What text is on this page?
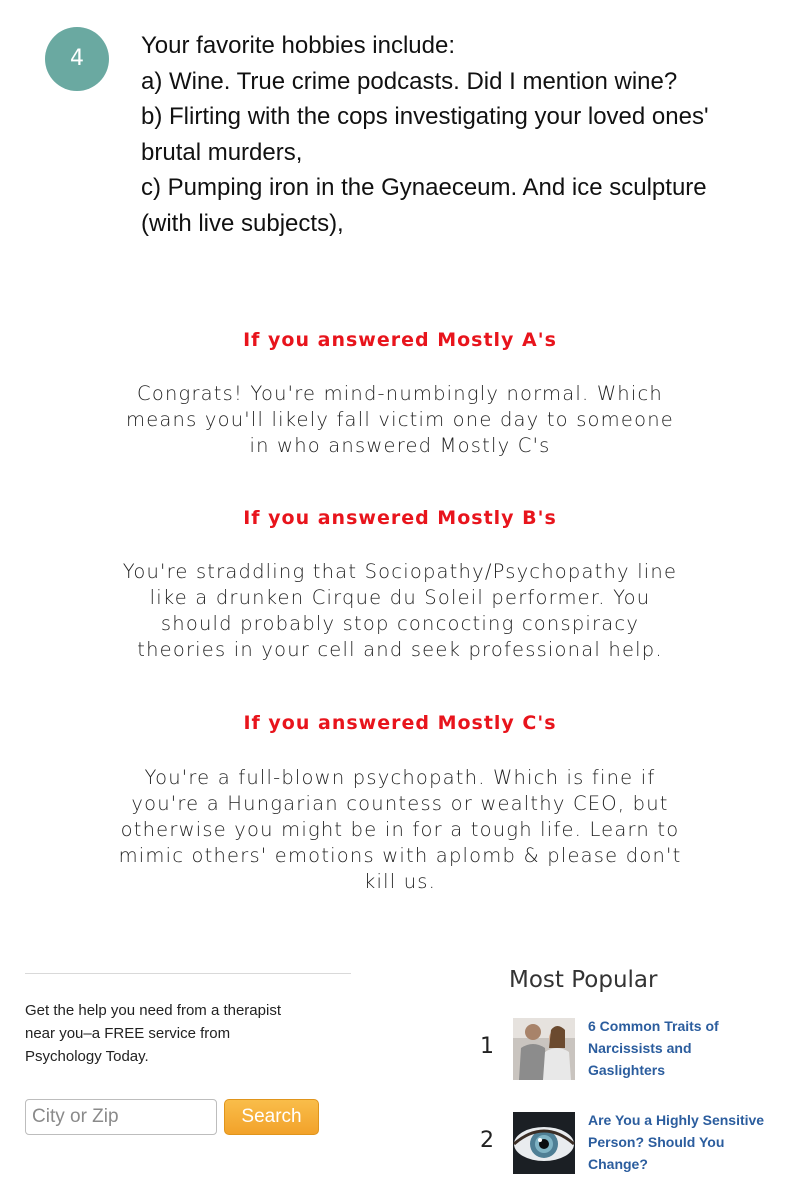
4	Your favorite hobbies include:
a) Wine. True crime podcasts. Did I mention wine?
b) Flirting with the cops investigating your loved ones'
brutal murders,
c) Pumping iron in the Gynaeceum. And ice sculpture
(with live subjects),
If you answered Mostly A's
Congrats! You're mind-numbingly normal. Which
means you'll likely fall victim one day to someone
in who answered Mostly C's
If you answered Mostly B's
You're straddling that Sociopathy/Psychopathy line
like a drunken Cirque du Soleil performer. You
should probably stop concocting conspiracy
theories in your cell and seek professional help.
If you answered Mostly C's
You're a full-blown psychopath. Which is fine if
you're a Hungarian countess or wealthy CEO, but
otherwise you might be in for a tough life. Learn to
mimic others' emotions with aplomb & please don't
kill us.
Get the help you need from a therapist
near you–a FREE service from
Psychology Today.
City or Zip
Search
Most Popular
1
6 Common Traits of
Narcissists and
Gaslighters
2
Are You a Highly Sensitive
Person? Should You
Change?
